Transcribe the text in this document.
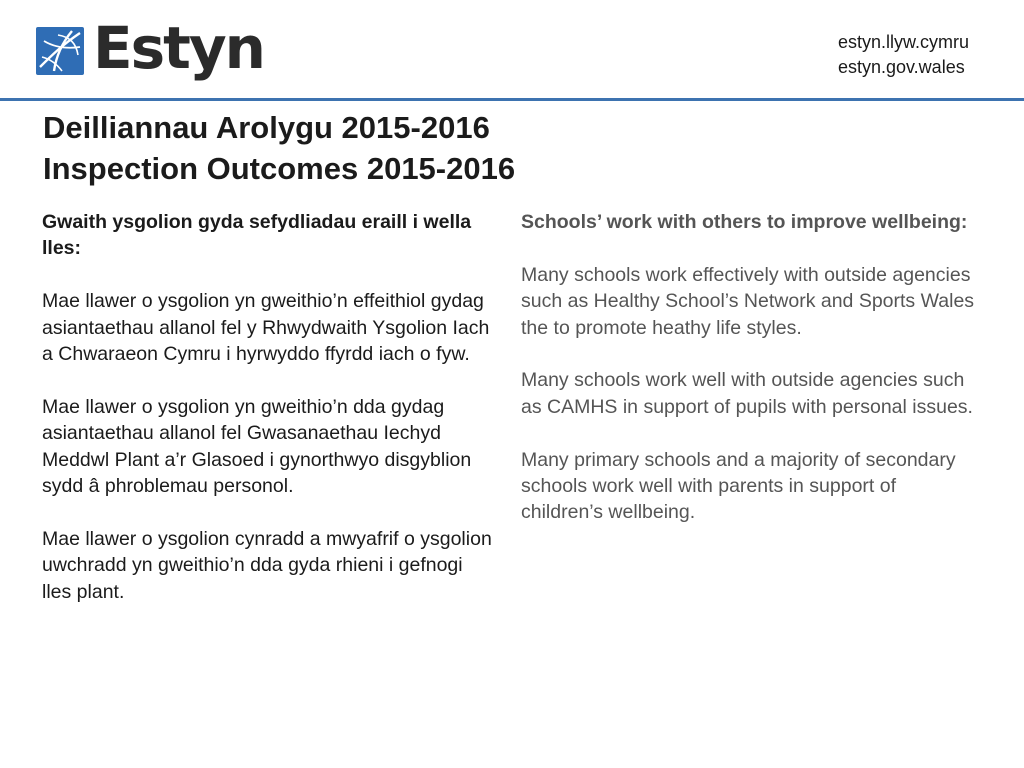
Estyn	estyn.llyw.cymru
estyn.gov.wales
Deilliannau Arolygu 2015-2016
Inspection Outcomes 2015-2016

Gwaith ysgolion gyda sefydliadau eraill i wella lles:

Mae llawer o ysgolion yn gweithio’n effeithiol gydag asiantaethau allanol fel y Rhwydwaith Ysgolion Iach a Chwaraeon Cymru i hyrwyddo ffyrdd iach o fyw.

Mae llawer o ysgolion yn gweithio’n dda gydag asiantaethau allanol fel Gwasanaethau Iechyd Meddwl Plant a’r Glasoed i gynorthwyo disgyblion sydd â phroblemau personol.

Mae llawer o ysgolion cynradd a mwyafrif o ysgolion uwchradd yn gweithio’n dda gyda rhieni i gefnogi lles plant.

Schools’ work with others to improve wellbeing:

Many schools work effectively with outside agencies such as Healthy School’s Network and Sports Wales the to promote heathy life styles.

Many schools work well with outside agencies such as CAMHS in support of pupils with personal issues.

Many primary schools and a majority of secondary schools work well with parents in support of children’s wellbeing.
